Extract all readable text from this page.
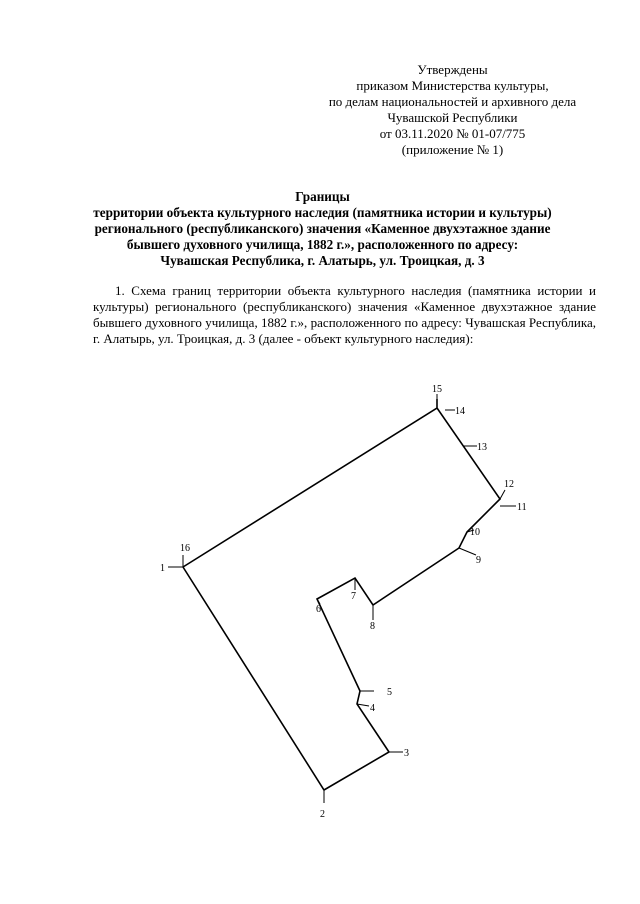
Утверждены
приказом Министерства культуры,
по делам национальностей и архивного дела
Чувашской Республики
от 03.11.2020 № 01-07/775
(приложение № 1)
Границы
территории объекта культурного наследия (памятника истории и культуры)
регионального (республиканского) значения «Каменное двухэтажное здание
бывшего духовного училища, 1882 г.», расположенного по адресу:
Чувашская Республика, г. Алатырь, ул. Троицкая, д. 3
1. Схема границ территории объекта культурного наследия (памятника истории и культуры) регионального (республиканского) значения «Каменное двухэтажное здание бывшего духовного училища, 1882 г.», расположенного по адресу: Чувашская Республика, г. Алатырь, ул. Троицкая, д. 3 (далее - объект культурного наследия):
1
2
3
4
5
6
7
8
9
10
11
12
13
14
15
16
